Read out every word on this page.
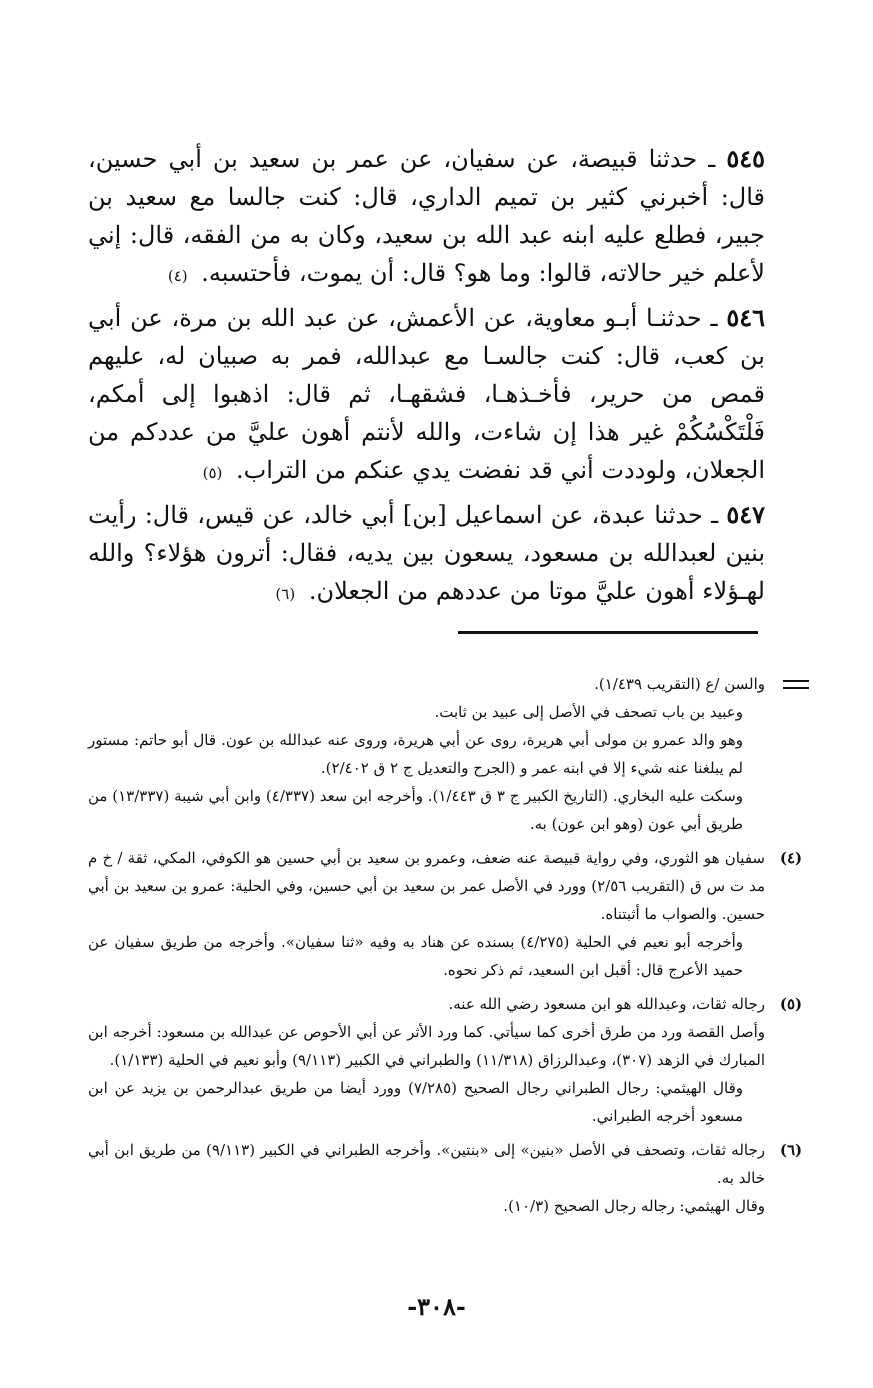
٥٤٥ ـ حدثنا قبيصة، عن سفيان، عن عمر بن سعيد بن أبي حسين، قال: أخبرني كثير بن تميم الداري، قال: كنت جالسا مع سعيد بن جبير، فطلع عليه ابنه عبد الله بن سعيد، وكان به من الفقه، قال: إني لأعلم خير حالاته، قالوا: وما هو؟ قال: أن يموت، فأحتسبه. (٤)

٥٤٦ ـ حدثنـا أبـو معاوية، عن الأعمش، عن عبد الله بن مرة، عن أبي بن كعب، قال: كنت جالسـا مع عبدالله، فمر به صبيان له، عليهم قمص من حرير، فأخـذهـا، فشقهـا، ثم قال: اذهبوا إلى أمكم، فَلْتَكْسُكُمْ غير هذا إن شاءت، والله لأنتم أهون عليَّ من عددكم من الجعلان، ولوددت أني قد نفضت يدي عنكم من التراب. (٥)

٥٤٧ ـ حدثنا عبدة، عن اسماعيل [بن] أبي خالد، عن قيس، قال: رأيت بنين لعبدالله بن مسعود، يسعون بين يديه، فقال: أترون هؤلاء؟ والله لهـؤلاء أهون عليَّ موتا من عددهم من الجعلان. (٦)

والسن /ع (التقريب ١/٤٣٩).
وعبيد بن باب تصحف في الأصل إلى عبيد بن ثابت.
وهو والد عمرو بن مولى أبي هريرة، روى عن أبي هريرة، وروى عنه عبدالله بن عون. قال أبو حاتم: مستور لم يبلغنا عنه شيء إلا في ابنه عمر و (الجرح والتعديل ج ٢ ق ٢/٤٠٢).
وسكت عليه البخاري. (التاريخ الكبير ج ٣ ق ١/٤٤٣). وأخرجه ابن سعد (٤/٣٣٧) وابن أبي شيبة (١٣/٣٣٧) من طريق أبي عون (وهو ابن عون) به.
(٤)
سفيان هو الثوري، وفي رواية قبيصة عنه ضعف، وعمرو بن سعيد بن أبي حسين هو الكوفي، المكي، ثقة / خ م مد ت س ق (التقريب ٢/٥٦) وورد في الأصل عمر بن سعيد بن أبي حسين، وفي الحلية: عمرو بن سعيد بن أبي حسين. والصواب ما أثبتناه.
وأخرجه أبو نعيم في الحلية (٤/٢٧٥) بسنده عن هناد به وفيه «ثنا سفيان». وأخرجه من طريق سفيان عن حميد الأعرج قال: أقبل ابن السعيد، ثم ذكر نحوه.
(٥)
رجاله ثقات، وعبدالله هو ابن مسعود رضي الله عنه.
وأصل القصة ورد من طرق أخرى كما سيأتي. كما ورد الأثر عن أبي الأحوص عن عبدالله بن مسعود: أخرجه ابن المبارك في الزهد (٣٠٧)، وعبدالرزاق (١١/٣١٨) والطبراني في الكبير (٩/١١٣) وأبو نعيم في الحلية (١/١٣٣).
وقال الهيثمي: رجال الطبراني رجال الصحيح (٧/٢٨٥) وورد أيضا من طريق عبدالرحمن بن يزيد عن ابن مسعود أخرجه الطبراني.
(٦)
رجاله ثقات، وتصحف في الأصل «بنين» إلى «بنتين». وأخرجه الطبراني في الكبير (٩/١١٣) من طريق ابن أبي خالد به.
وقال الهيثمي: رجاله رجال الصحيح (١٠/٣).
-٣٠٨-
